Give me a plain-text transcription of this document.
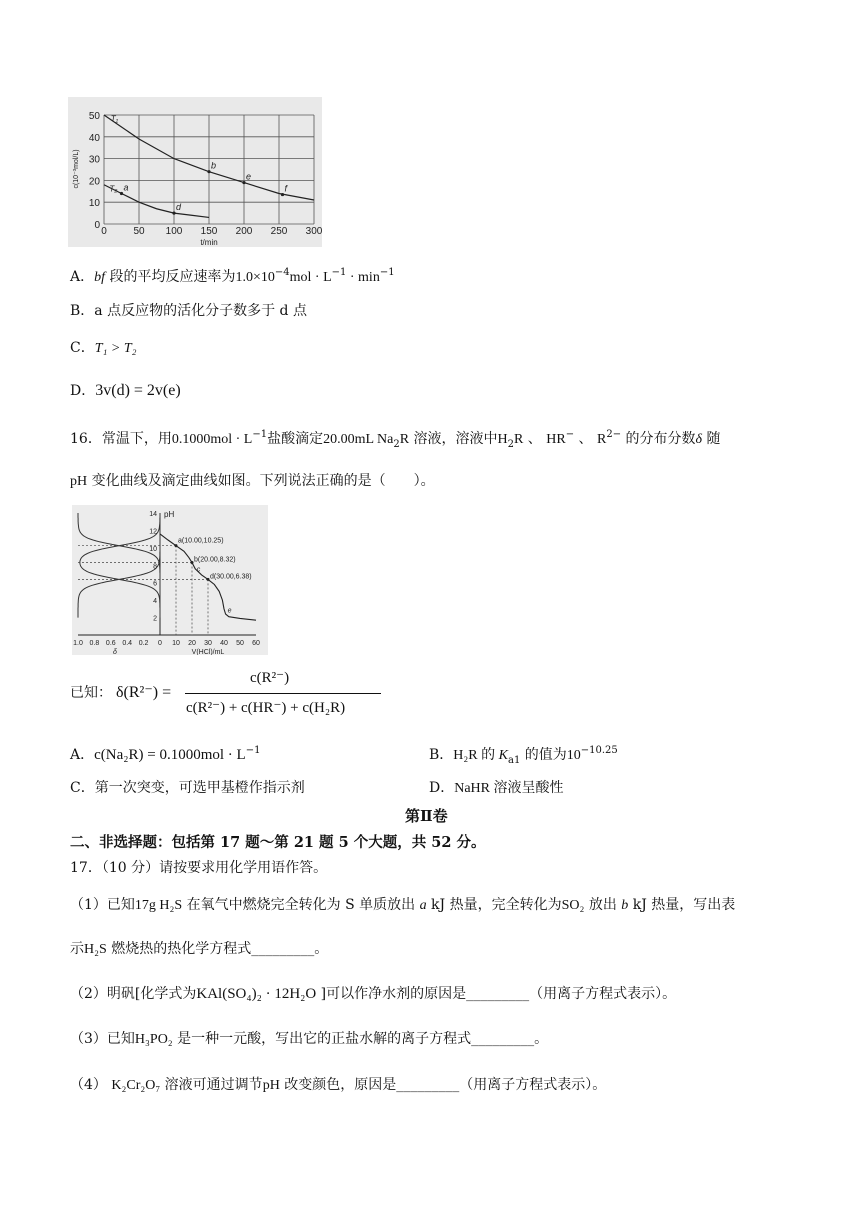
0	50 100 150 200 250 300
0
10
20
30
40
50
t/min
c(10⁻³mol/L)
T₁
T₂ a
d
b
e
f
A．bf 段的平均反应速率为$1.0\times 10^{-4}mol \cdot L^{-1} \cdot \min^{-1}$
B．a 点反应物的活化分子数多于 d 点
C．T₁ > T₂
D．3v(d) = 2v(e)
16．常温下，用$0.1000mol \cdot L^{-1}$盐酸滴定20.00mL $Na_2R$ 溶液，溶液中$H_2R$ 、 HR− 、 $R^{2-}$ 的分布分数δ 随
pH 变化曲线及滴定曲线如图。下列说法正确的是（　　）。
pH
2
4
6
8
10
12
14
1.0 0.8 0.6 0.4 0.2 0 10 20 30 40 50 60
δ	V(HCl)/mL
a(10.00,10.25)
b(20.00,8.32)
c
d(30.00,6.38)
e
已知： δ(R²⁻) =
c(R²⁻)
c(R²⁻) + c(HR⁻) + c(H₂R)
A．$c(Na_2R) = 0.1000mol \cdot L^{-1}$	B．H₂R 的 $K_{a1}$ 的值为$10^{-10.25}$
C．第一次突变，可选甲基橙作指示剂	D．NaHR 溶液呈酸性
第Ⅱ卷
二、非选择题：包括第 17 题～第 21 题 5 个大题，共 52 分。
17．（10 分）请按要求用化学用语作答。
（1）已知17g H₂S 在氧气中燃烧完全转化为 S 单质放出 a kJ 热量，完全转化为SO₂ 放出 b kJ 热量，写出表
示H₂S 燃烧热的热化学方程式_________。
（2）明矾[化学式为KAl(SO₄)₂ · 12H₂O ]可以作净水剂的原因是_________（用离子方程式表示）。
（3）已知H₃PO₂ 是一种一元酸，写出它的正盐水解的离子方程式_________。
（4） K₂Cr₂O₇ 溶液可通过调节pH 改变颜色，原因是_________（用离子方程式表示）。
